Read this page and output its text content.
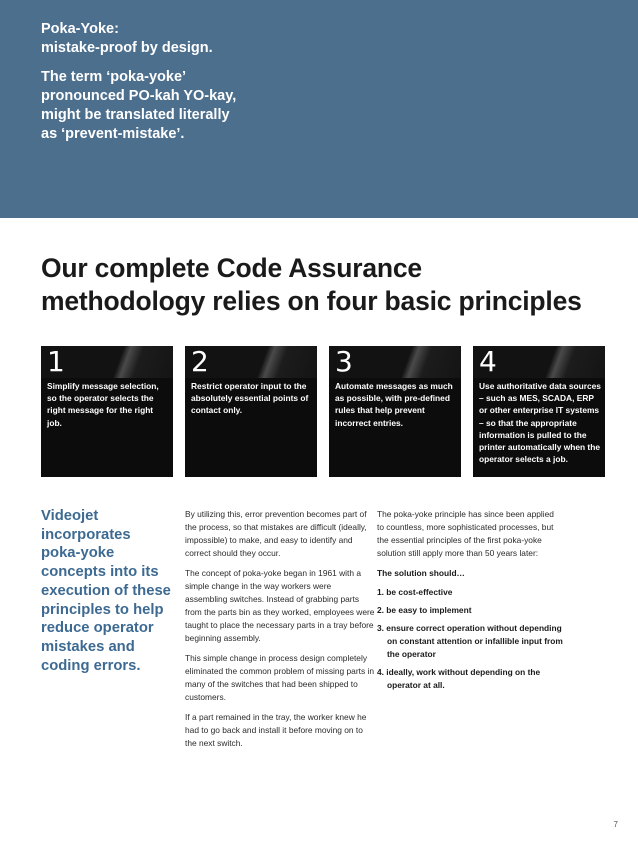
Poka-Yoke:

mistake-proof by design.

The term ‘poka-yoke’

pronounced PO-kah YO-kay,

might be translated literally

as ‘prevent-mistake’.

Our complete Code Assurance
methodology relies on four basic principles
1
Simplify message selection, so the operator selects the right message for the right job.
2
Restrict operator input to the absolutely essential points of contact only.
3
Automate messages as much as possible, with pre-defined rules that help prevent incorrect entries.
4
Use authoritative data sources – such as MES, SCADA, ERP or other enterprise IT systems – so that the appropriate information is pulled to the printer automatically when the operator selects a job.
Videojet incorporates poka-yoke concepts into its execution of these principles to help reduce operator mistakes and coding errors.

By utilizing this, error prevention becomes part of the process, so that mistakes are difficult (ideally, impossible) to make, and easy to identify and correct should they occur.

The concept of poka-yoke began in 1961 with a simple change in the way workers were assembling switches. Instead of grabbing parts from the parts bin as they worked, employees were taught to place the necessary parts in a tray before beginning assembly.

This simple change in process design completely eliminated the common problem of missing parts in many of the switches that had been shipped to customers.

If a part remained in the tray, the worker knew he had to go back and install it before moving on to the next switch.

The poka-yoke principle has since been applied to countless, more sophisticated processes, but the essential principles of the first poka-yoke solution still apply more than 50 years later:

The solution should…

1. be cost-effective
2. be easy to implement
3. ensure correct operation without depending on constant attention or infallible input from the operator
4. ideally, work without depending on the operator at all.
7
